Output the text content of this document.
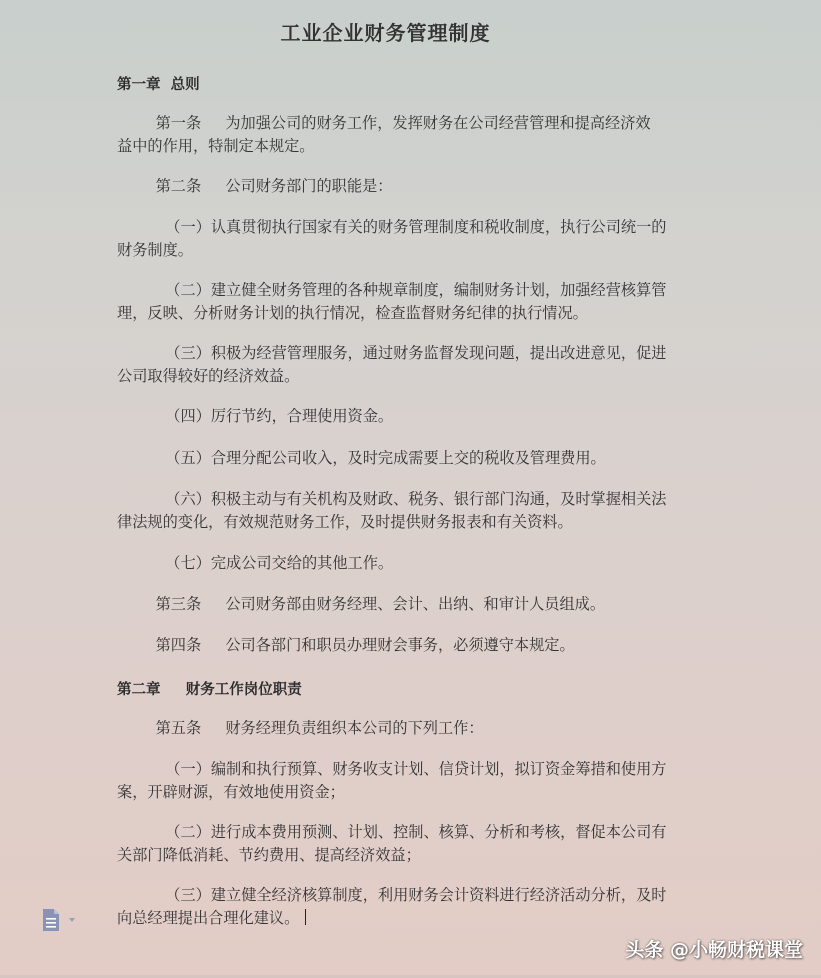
工业企业财务管理制度
第一章  总则
第一条     为加强公司的财务工作，发挥财务在公司经营管理和提高经济效
益中的作用，特制定本规定。
第二条     公司财务部门的职能是：
（一）认真贯彻执行国家有关的财务管理制度和税收制度，执行公司统一的
财务制度。
（二）建立健全财务管理的各种规章制度，编制财务计划，加强经营核算管
理，反映、分析财务计划的执行情况，检查监督财务纪律的执行情况。
（三）积极为经营管理服务，通过财务监督发现问题，提出改进意见，促进
公司取得较好的经济效益。
（四）厉行节约，合理使用资金。
（五）合理分配公司收入，及时完成需要上交的税收及管理费用。
（六）积极主动与有关机构及财政、税务、银行部门沟通，及时掌握相关法
律法规的变化，有效规范财务工作，及时提供财务报表和有关资料。
（七）完成公司交给的其他工作。
第三条     公司财务部由财务经理、会计、出纳、和审计人员组成。
第四条     公司各部门和职员办理财会事务，必须遵守本规定。
第二章     财务工作岗位职责
第五条     财务经理负责组织本公司的下列工作：
（一）编制和执行预算、财务收支计划、信贷计划，拟订资金筹措和使用方
案，开辟财源，有效地使用资金；
（二）进行成本费用预测、计划、控制、核算、分析和考核，督促本公司有
关部门降低消耗、节约费用、提高经济效益；
（三）建立健全经济核算制度，利用财务会计资料进行经济活动分析，及时
向总经理提出合理化建议。
头条 @小畅财税课堂
